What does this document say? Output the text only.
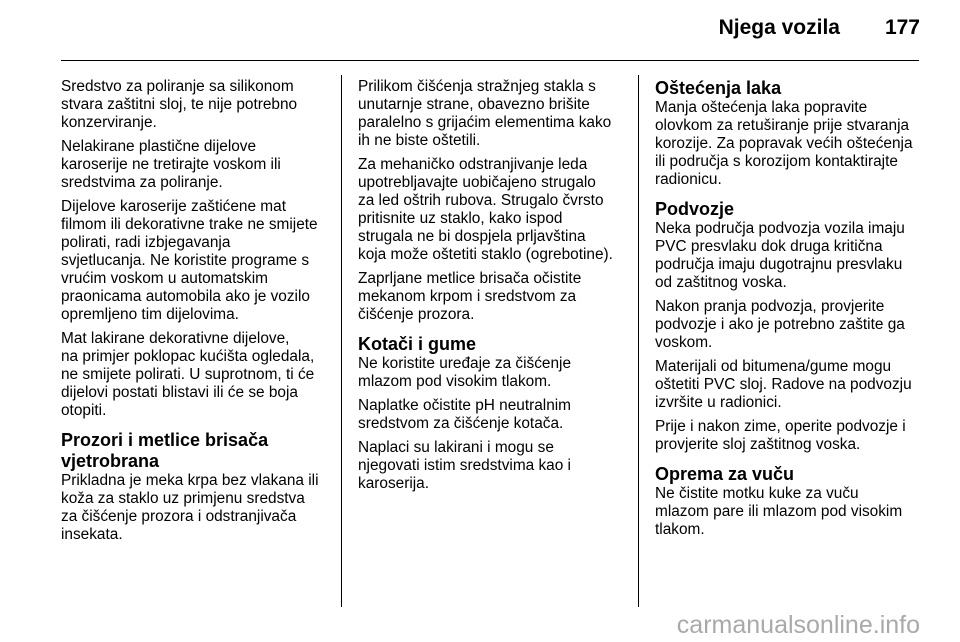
Njega vozila 177

Sredstvo za poliranje sa silikonom
stvara zaštitni sloj, te nije potrebno
konzerviranje.

Nelakirane plastične dijelove
karoserije ne tretirajte voskom ili
sredstvima za poliranje.

Dijelove karoserije zaštićene mat
filmom ili dekorativne trake ne smijete
polirati, radi izbjegavanja
svjetlucanja. Ne koristite programe s
vrućim voskom u automatskim
praonicama automobila ako je vozilo
opremljeno tim dijelovima.

Mat lakirane dekorativne dijelove,
na primjer poklopac kućišta ogledala,
ne smijete polirati. U suprotnom, ti će
dijelovi postati blistavi ili će se boja
otopiti.

Prozori i metlice brisača
vjetrobrana

Prikladna je meka krpa bez vlakana ili
koža za staklo uz primjenu sredstva
za čišćenje prozora i odstranjivača
insekata.

Prilikom čišćenja stražnjeg stakla s
unutarnje strane, obavezno brišite
paralelno s grijaćim elementima kako
ih ne biste oštetili.

Za mehaničko odstranjivanje leda
upotrebljavajte uobičajeno strugalo
za led oštrih rubova. Strugalo čvrsto
pritisnite uz staklo, kako ispod
strugala ne bi dospjela prljavština
koja može oštetiti staklo (ogrebotine).

Zaprljane metlice brisača očistite
mekanom krpom i sredstvom za
čišćenje prozora.

Kotači i gume

Ne koristite uređaje za čišćenje
mlazom pod visokim tlakom.

Naplatke očistite pH neutralnim
sredstvom za čišćenje kotača.

Naplaci su lakirani i mogu se
njegovati istim sredstvima kao i
karoserija.

Oštećenja laka

Manja oštećenja laka popravite
olovkom za retuširanje prije stvaranja
korozije. Za popravak većih oštećenja
ili područja s korozijom kontaktirajte
radionicu.

Podvozje

Neka područja podvozja vozila imaju
PVC presvlaku dok druga kritična
područja imaju dugotrajnu presvlaku
od zaštitnog voska.

Nakon pranja podvozja, provjerite
podvozje i ako je potrebno zaštite ga
voskom.

Materijali od bitumena/gume mogu
oštetiti PVC sloj. Radove na podvozju
izvršite u radionici.

Prije i nakon zime, operite podvozje i
provjerite sloj zaštitnog voska.

Oprema za vuču

Ne čistite motku kuke za vuču
mlazom pare ili mlazom pod visokim
tlakom.

carmanualsonline.info
